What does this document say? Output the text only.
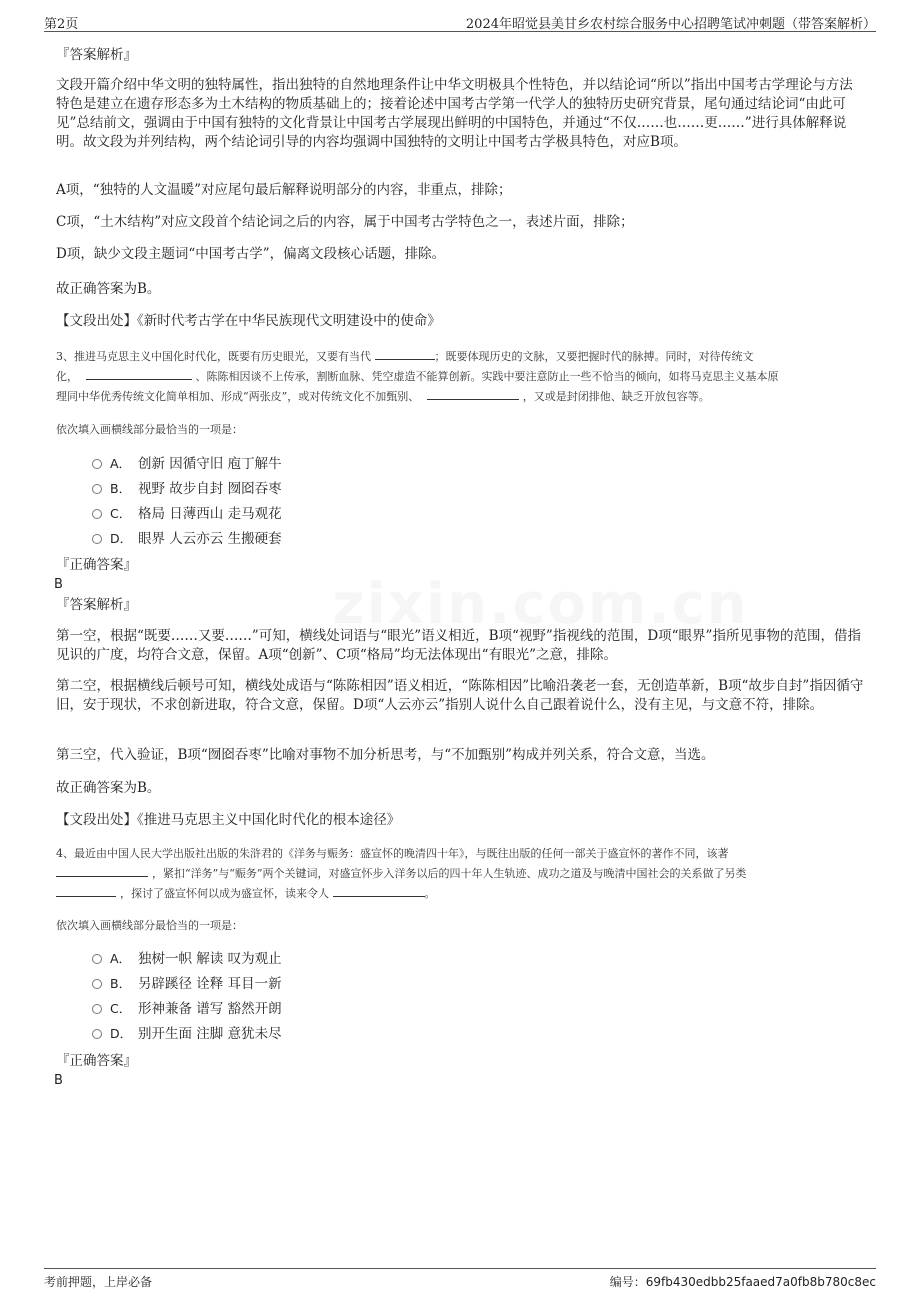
第2页	2024年昭觉县美甘乡农村综合服务中心招聘笔试冲刺题（带答案解析）
『答案解析』
文段开篇介绍中华文明的独特属性，指出独特的自然地理条件让中华文明极具个性特色，并以结论词“所以”指出中国考古学理论与方法特色是建立在遗存形态多为土木结构的物质基础上的；接着论述中国考古学第一代学人的独特历史研究背景，尾句通过结论词“由此可见”总结前文，强调由于中国有独特的文化背景让中国考古学展现出鲜明的中国特色，并通过“不仅……也……更……”进行具体解释说明。故文段为并列结构，两个结论词引导的内容均强调中国独特的文明让中国考古学极具特色，对应B项。
A项，“独特的人文温暖”对应尾句最后解释说明部分的内容，非重点，排除；
C项，“土木结构”对应文段首个结论词之后的内容，属于中国考古学特色之一，表述片面，排除；
D项，缺少文段主题词“中国考古学”，偏离文段核心话题，排除。
故正确答案为B。
【文段出处】《新时代考古学在中华民族现代文明建设中的使命》
3、推进马克思主义中国化时代化，既要有历史眼光，又要有当代	；既要体现历史的文脉，又要把握时代的脉搏。同时，对待传统文
化，	、陈陈相因谈不上传承，割断血脉、凭空虚造不能算创新。实践中要注意防止一些不恰当的倾向，如将马克思主义基本原
理同中华优秀传统文化简单相加、形成“两张皮”，或对传统文化不加甄别、	，又或是封闭排他、缺乏开放包容等。
依次填入画横线部分最恰当的一项是：
A． 创新 因循守旧 庖丁解牛
B． 视野 故步自封 囫囵吞枣
C． 格局 日薄西山 走马观花
D． 眼界 人云亦云 生搬硬套
『正确答案』
B
『答案解析』
第一空，根据“既要……又要……”可知，横线处词语与“眼光”语义相近，B项“视野”指视线的范围，D项“眼界”指所见事物的范围，借指见识的广度，均符合文意，保留。A项“创新”、C项“格局”均无法体现出“有眼光”之意，排除。
第二空，根据横线后顿号可知，横线处成语与“陈陈相因”语义相近，“陈陈相因”比喻沿袭老一套，无创造革新，B项“故步自封”指因循守旧，安于现状，不求创新进取，符合文意，保留。D项“人云亦云”指别人说什么自己跟着说什么，没有主见，与文意不符，排除。
第三空，代入验证，B项“囫囵吞枣”比喻对事物不加分析思考，与“不加甄别”构成并列关系，符合文意，当选。
故正确答案为B。
【文段出处】《推进马克思主义中国化时代化的根本途径》
4、最近由中国人民大学出版社出版的朱浒君的《洋务与赈务：盛宣怀的晚清四十年》，与既往出版的任何一部关于盛宣怀的著作不同，该著
，紧扣“洋务”与“赈务”两个关键词，对盛宣怀步入洋务以后的四十年人生轨迹、成功之道及与晚清中国社会的关系做了另类
，探讨了盛宣怀何以成为盛宣怀，读来令人	。
依次填入画横线部分最恰当的一项是：
A． 独树一帜 解读 叹为观止
B． 另辟蹊径 诠释 耳目一新
C． 形神兼备 谱写 豁然开朗
D． 别开生面 注脚 意犹未尽
『正确答案』
B
考前押题，上岸必备	编号：69fb430edbb25faaed7a0fb8b780c8ec
